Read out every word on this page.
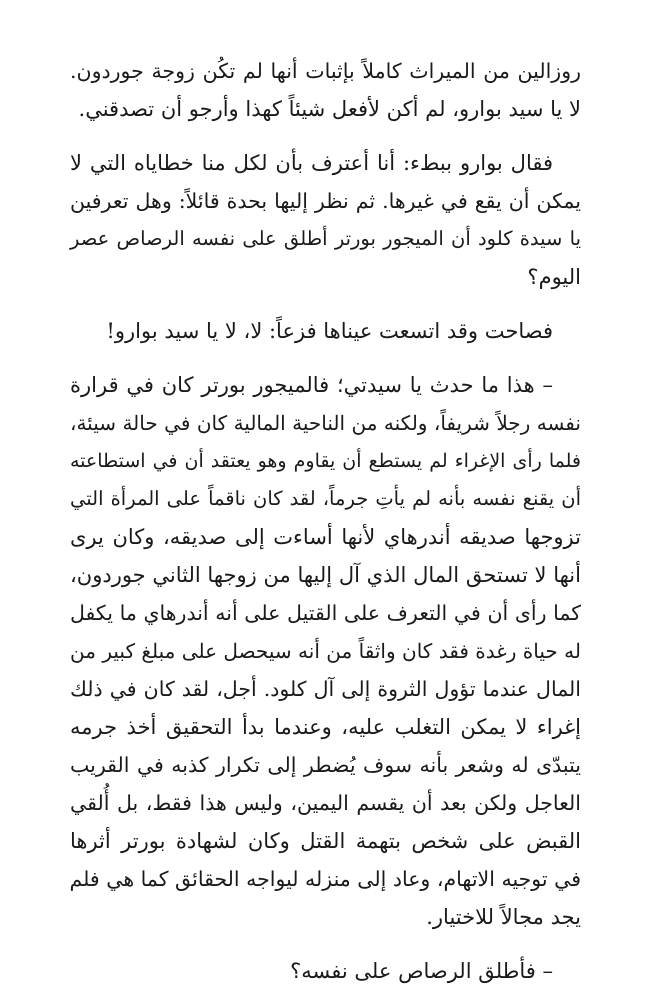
روزالين من الميراث كاملاً بإثبات أنها لم تكُن زوجة جوردون.
لا يا سيد بوارو، لم أكن لأفعل شيئاً كهذا وأرجو أن تصدقني.

فقال بوارو ببطء: أنا أعترف بأن لكل منا خطاياه التي لا
يمكن أن يقع في غيرها. ثم نظر إليها بحدة قائلاً: وهل تعرفين
يا سيدة كلود أن الميجور بورتر أطلق على نفسه الرصاص عصر
اليوم؟

فصاحت وقد اتسعت عيناها فزعاً: لا، لا يا سيد بوارو!

– هذا ما حدث يا سيدتي؛ فالميجور بورتر كان في قرارة
نفسه رجلاً شريفاً، ولكنه من الناحية المالية كان في حالة سيئة،
فلما رأى الإغراء لم يستطع أن يقاوم وهو يعتقد أن في استطاعته
أن يقنع نفسه بأنه لم يأتِ جرماً، لقد كان ناقماً على المرأة التي
تزوجها صديقه أندرهاي لأنها أساءت إلى صديقه، وكان يرى
أنها لا تستحق المال الذي آل إليها من زوجها الثاني جوردون،
كما رأى أن في التعرف على القتيل على أنه أندرهاي ما يكفل
له حياة رغدة فقد كان واثقاً من أنه سيحصل على مبلغ كبير من
المال عندما تؤول الثروة إلى آل كلود. أجل، لقد كان في ذلك
إغراء لا يمكن التغلب عليه، وعندما بدأ التحقيق أخذ جرمه
يتبدّى له وشعر بأنه سوف يُضطر إلى تكرار كذبه في القريب
العاجل ولكن بعد أن يقسم اليمين، وليس هذا فقط، بل أُلقي
القبض على شخص بتهمة القتل وكان لشهادة بورتر أثرها
في توجيه الاتهام، وعاد إلى منزله ليواجه الحقائق كما هي فلم
يجد مجالاً للاختيار.

– فأطلق الرصاص على نفسه؟
